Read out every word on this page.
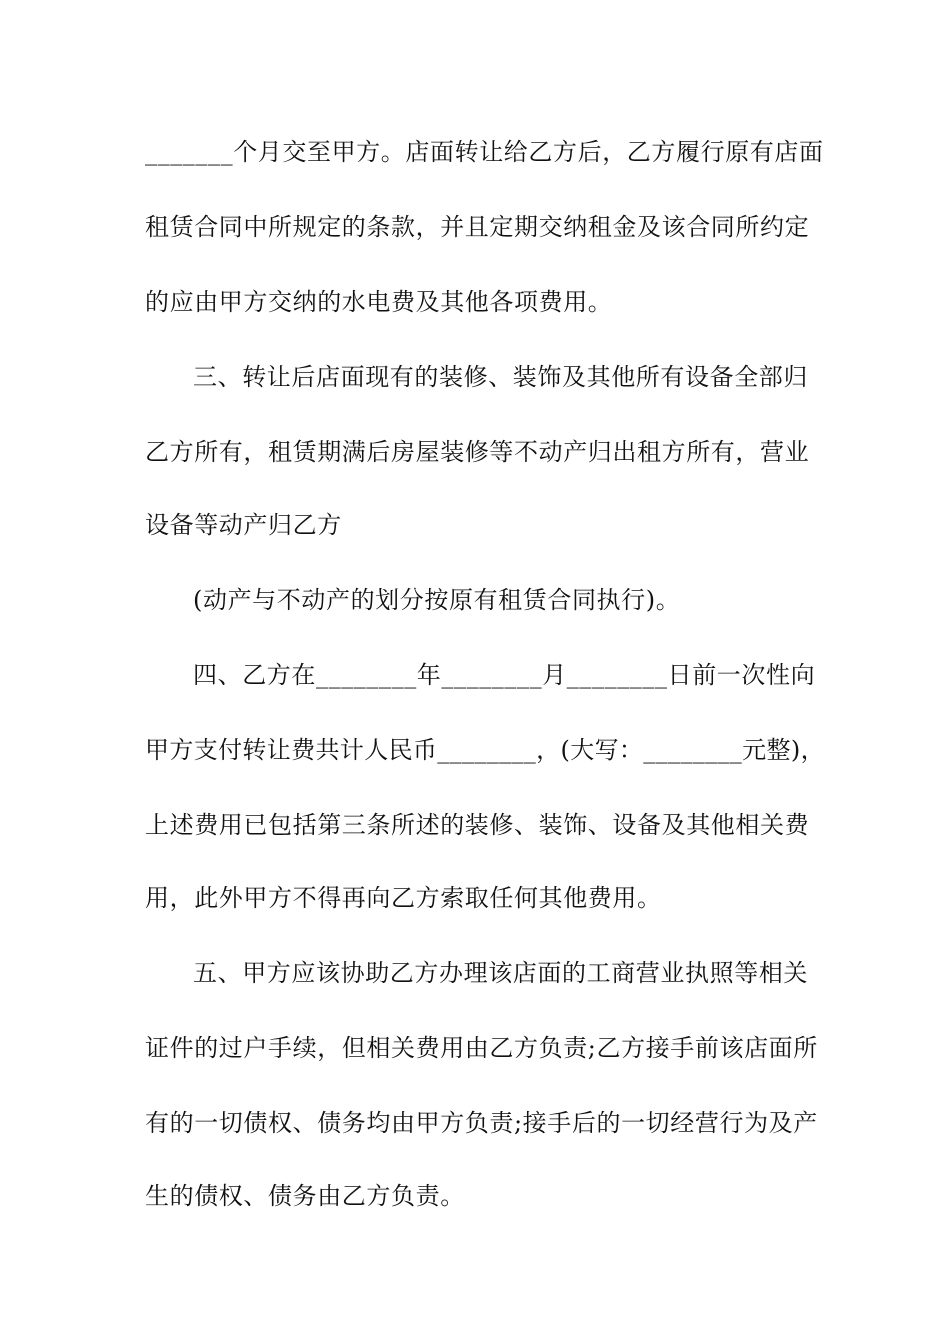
_______个月交至甲方。店面转让给乙方后，乙方履行原有店面
租赁合同中所规定的条款，并且定期交纳租金及该合同所约定
的应由甲方交纳的水电费及其他各项费用。
三、转让后店面现有的装修、装饰及其他所有设备全部归
乙方所有，租赁期满后房屋装修等不动产归出租方所有，营业
设备等动产归乙方
(动产与不动产的划分按原有租赁合同执行)。
四、乙方在________年________月________日前一次性向
甲方支付转让费共计人民币________，(大写：________元整)，
上述费用已包括第三条所述的装修、装饰、设备及其他相关费
用，此外甲方不得再向乙方索取任何其他费用。
五、甲方应该协助乙方办理该店面的工商营业执照等相关
证件的过户手续，但相关费用由乙方负责;乙方接手前该店面所
有的一切债权、债务均由甲方负责;接手后的一切经营行为及产
生的债权、债务由乙方负责。
